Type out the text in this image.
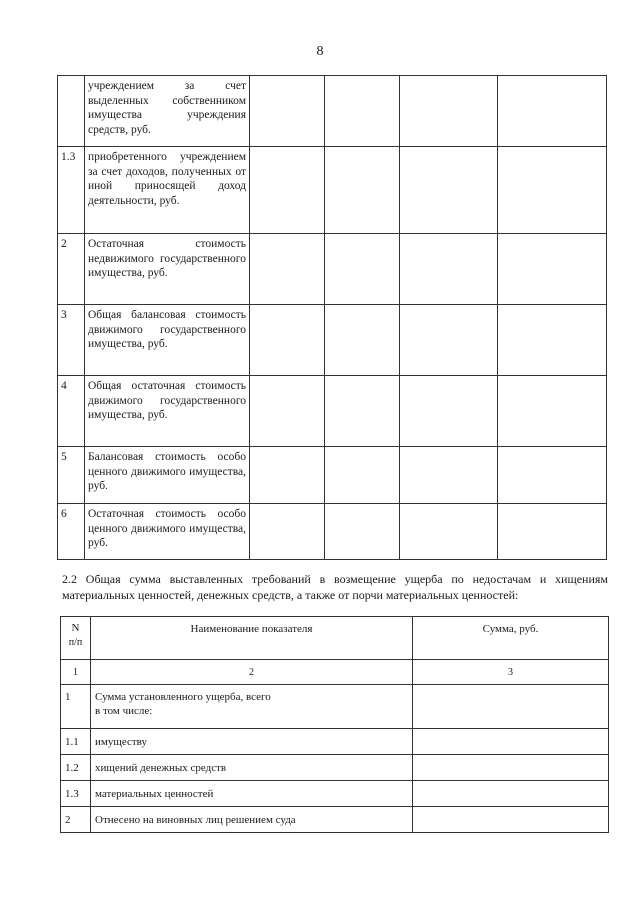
8
	учреждением за счет выделенных собственником имущества учреждения средств, руб.				
1.3	приобретенного учреждением за счет доходов, полученных от иной приносящей доход деятельности, руб.				
2	Остаточная стоимость недвижимого государственного имущества, руб.				
3	Общая балансовая стоимость движимого государственного имущества, руб.				
4	Общая остаточная стоимость движимого государственного имущества, руб.				
5	Балансовая стоимость особо ценного движимого имущества, руб.				
6	Остаточная стоимость особо ценного движимого имущества, руб.				

2.2 Общая сумма выставленных требований в возмещение ущерба по недостачам и хищениям
материальных ценностей, денежных средств, а также от порчи материальных ценностей:

N
п/п	Наименование показателя	Сумма, руб.
1	2	3
1	Сумма установленного ущерба, всего
в том числе:	
1.1	имуществу	
1.2	хищений денежных средств	
1.3	материальных ценностей	
2	Отнесено на виновных лиц решением суда	
